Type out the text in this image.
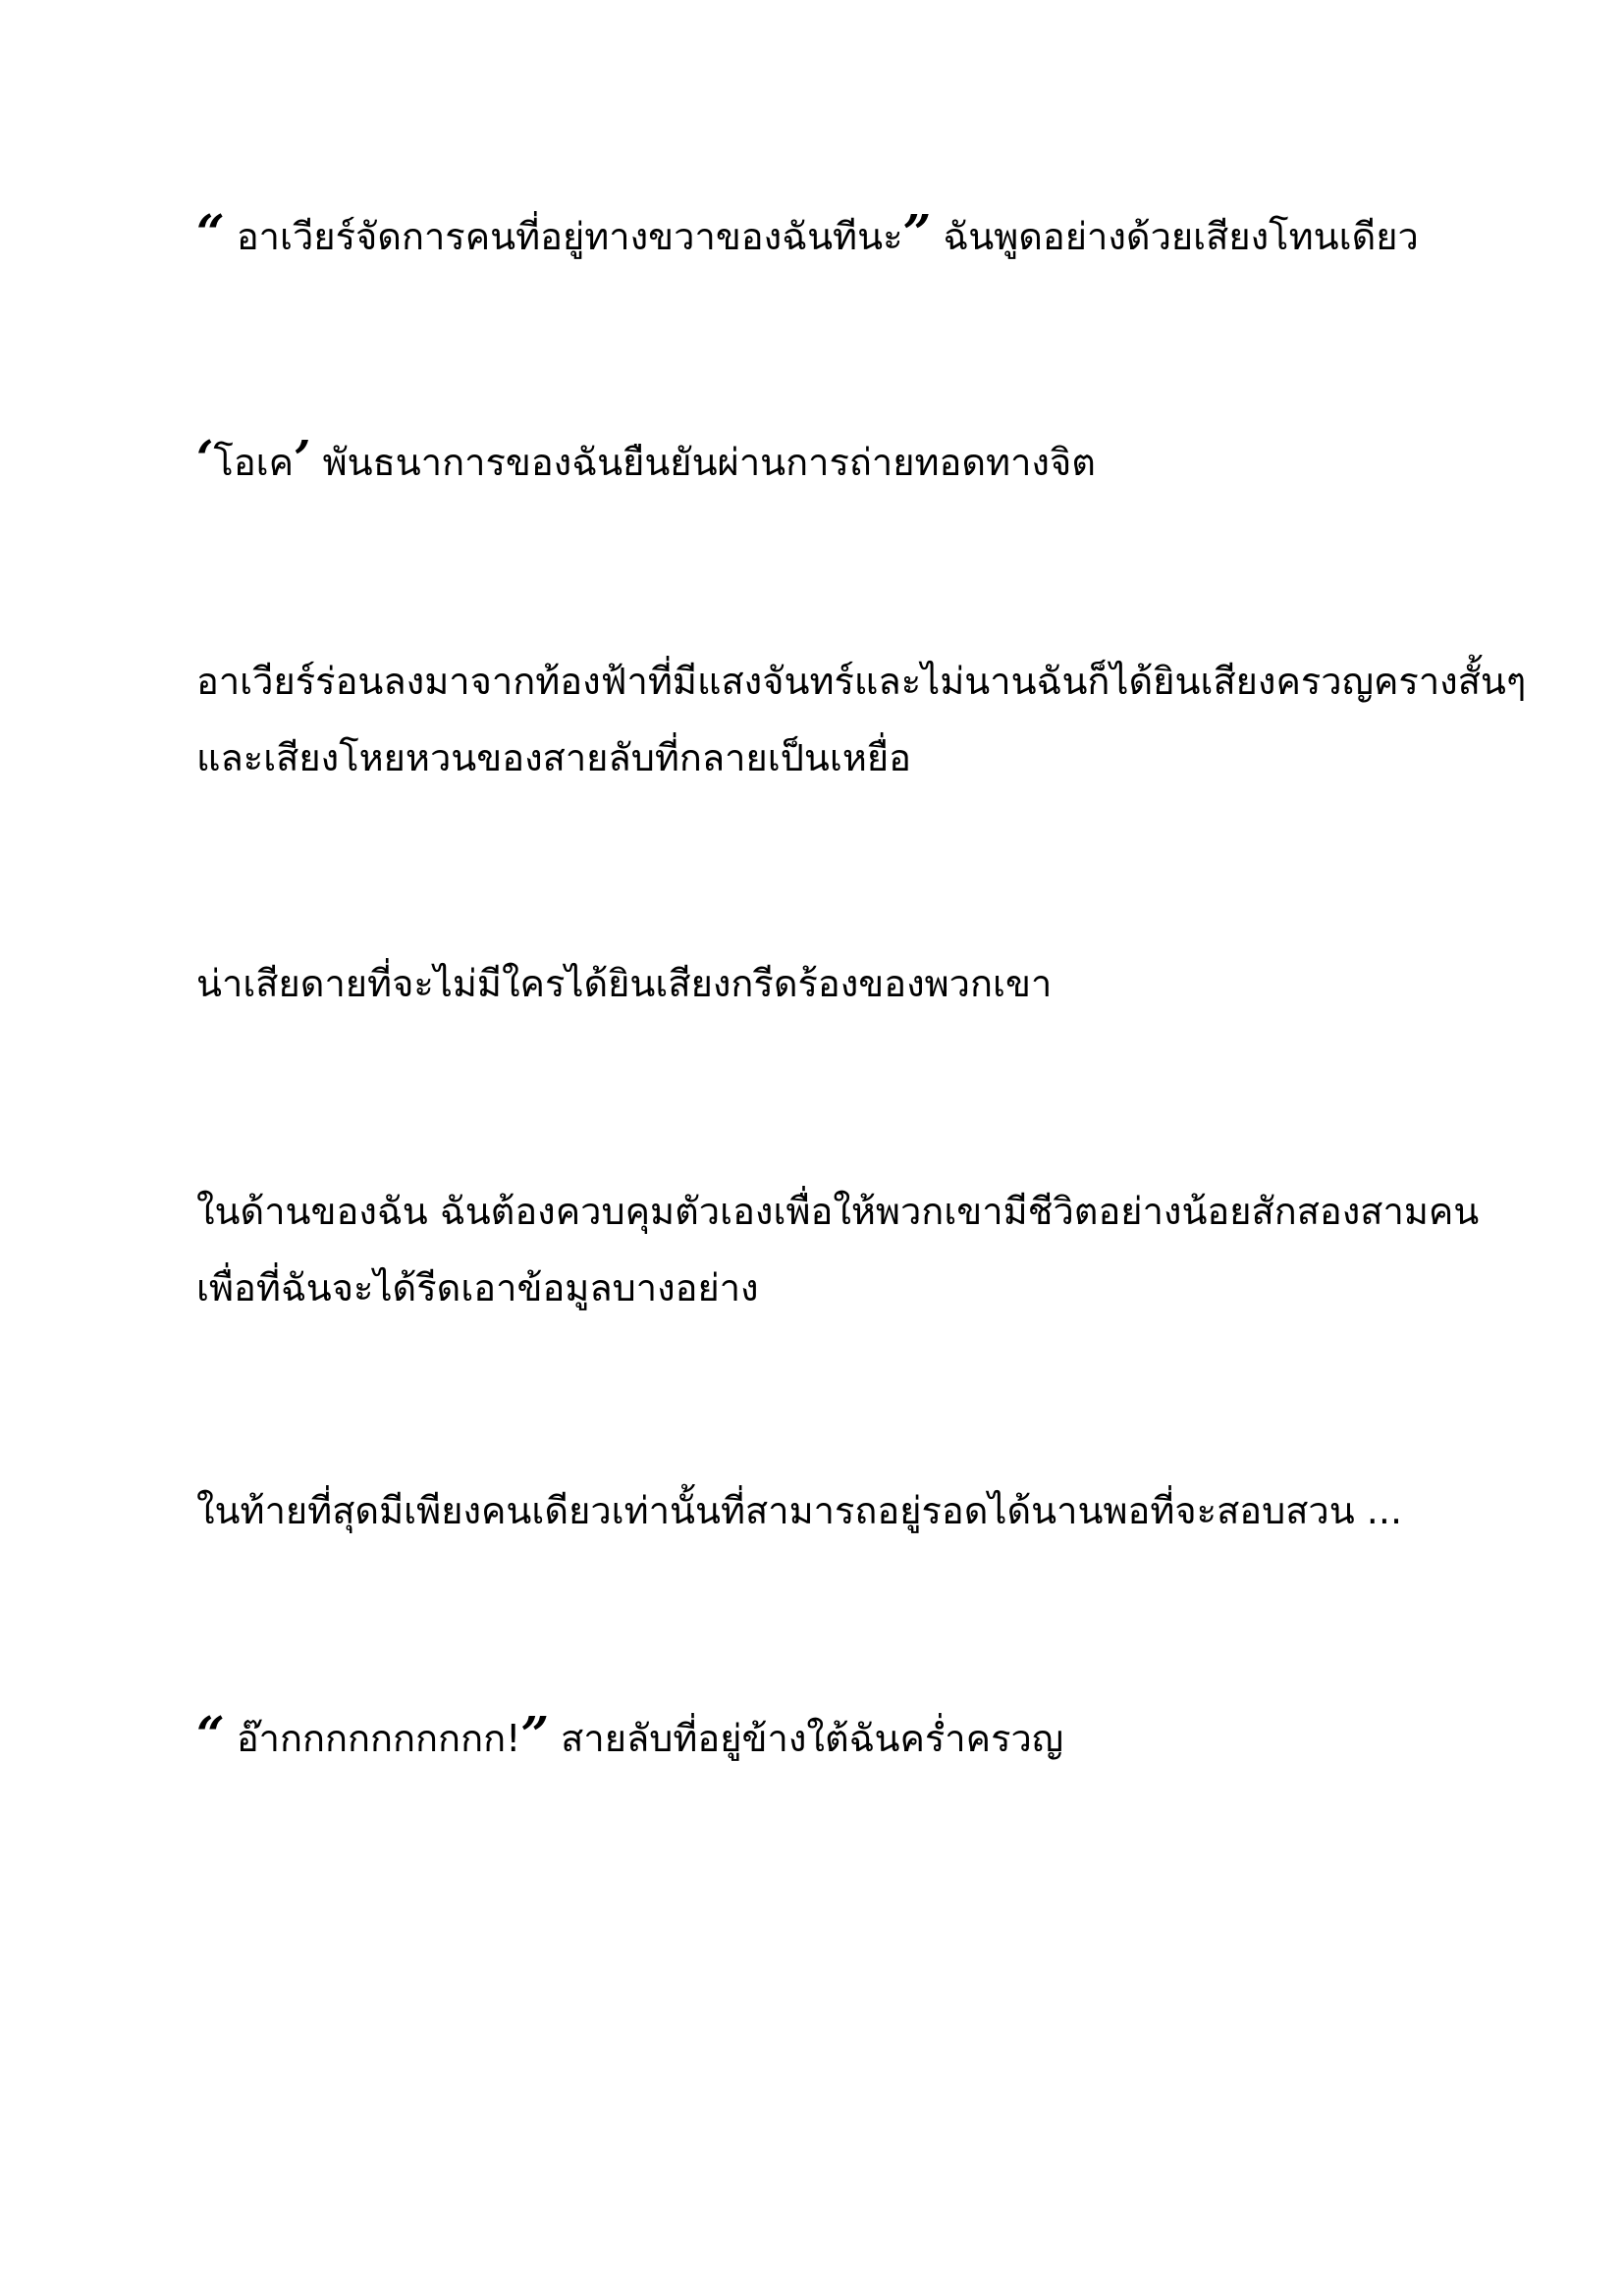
“ อาเวียร์จัดการคนที่อยู่ทางขวาของฉันทีนะ” ฉันพูดอย่างด้วยเสียงโทนเดียว

‘โอเค’ พันธนาการของฉันยืนยันผ่านการถ่ายทอดทางจิต

อาเวียร์ร่อนลงมาจากท้องฟ้าที่มีแสงจันทร์และไม่นานฉันก็ได้ยินเสียงครวญครางสั้นๆ
และเสียงโหยหวนของสายลับที่กลายเป็นเหยื่อ

น่าเสียดายที่จะไม่มีใครได้ยินเสียงกรีดร้องของพวกเขา

ในด้านของฉัน ฉันต้องควบคุมตัวเองเพื่อให้พวกเขามีชีวิตอย่างน้อยสักสองสามคน
เพื่อที่ฉันจะได้รีดเอาข้อมูลบางอย่าง

ในท้ายที่สุดมีเพียงคนเดียวเท่านั้นที่สามารถอยู่รอดได้นานพอที่จะสอบสวน ...

“ อ๊ากกกกกกกกกก!” สายลับที่อยู่ข้างใต้ฉันคร่ำครวญ
